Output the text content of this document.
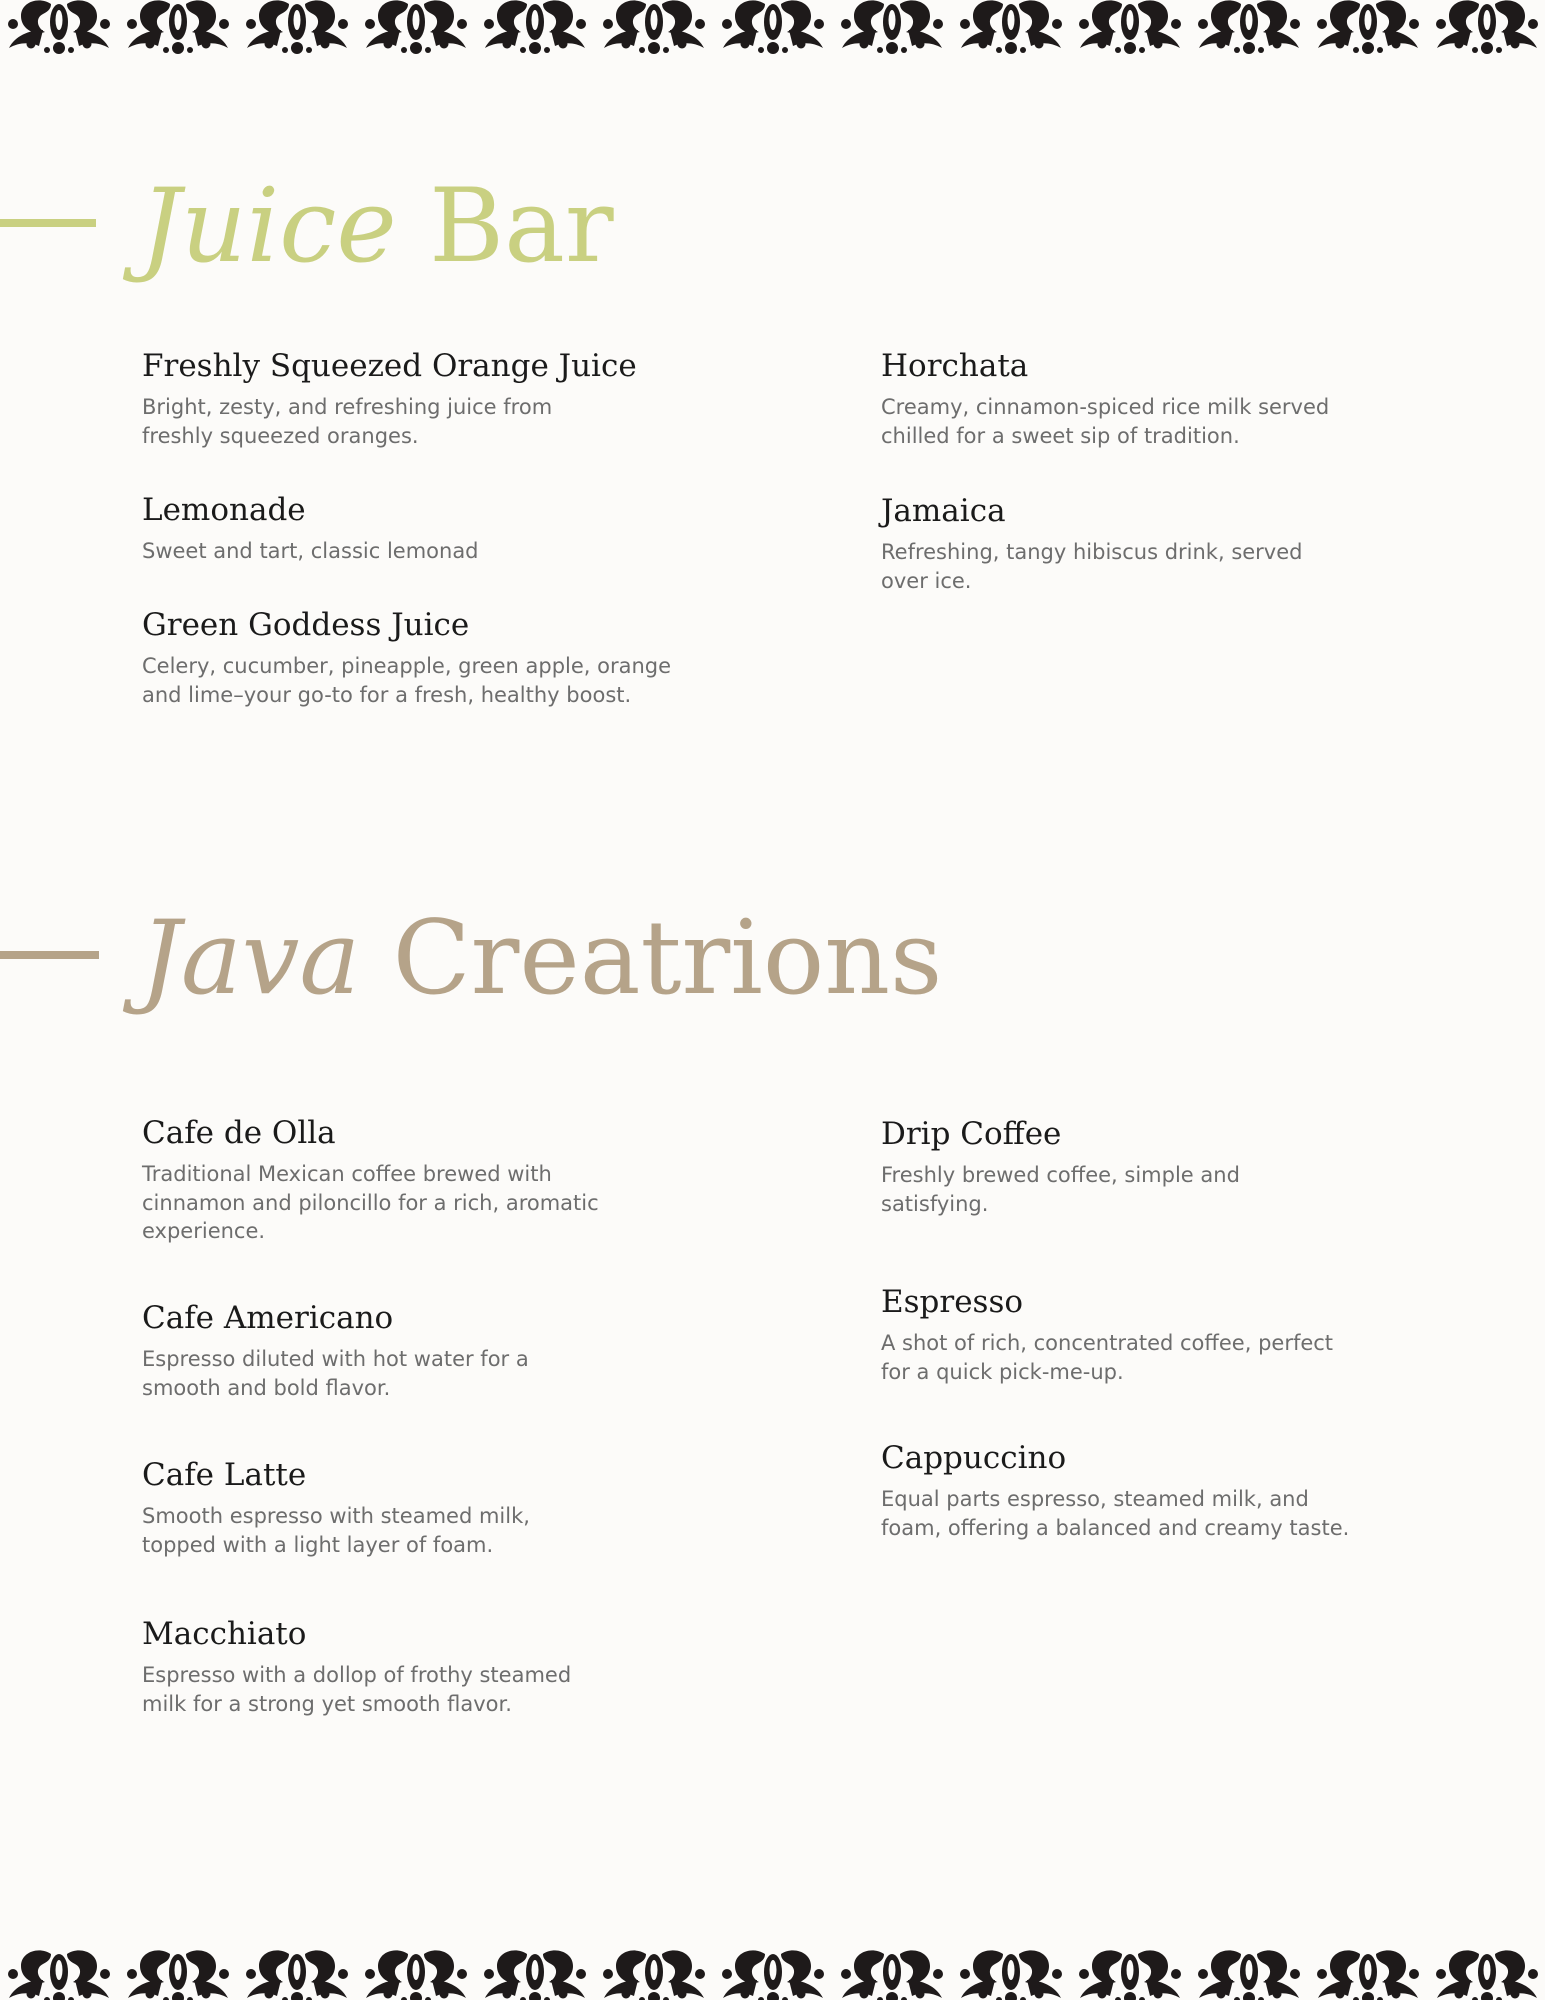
Juice Bar
Freshly Squeezed Orange Juice

Bright, zesty, and refreshing juice from freshly squeezed oranges.

Lemonade

Sweet and tart, classic lemonad

Green Goddess Juice

Celery, cucumber, pineapple, green apple, orange and lime–your go-to for a fresh, healthy boost.

Horchata

Creamy, cinnamon-spiced rice milk served chilled for a sweet sip of tradition.

Jamaica

Refreshing, tangy hibiscus drink, served over ice.

Java Creatrions
Cafe de Olla

Traditional Mexican coffee brewed with cinnamon and piloncillo for a rich, aromatic experience.

Cafe Americano

Espresso diluted with hot water for a smooth and bold flavor.

Cafe Latte

Smooth espresso with steamed milk, topped with a light layer of foam.

Macchiato

Espresso with a dollop of frothy steamed milk for a strong yet smooth flavor.

Drip Coffee

Freshly brewed coffee, simple and satisfying.

Espresso

A shot of rich, concentrated coffee, perfect for a quick pick-me-up.

Cappuccino

Equal parts espresso, steamed milk, and foam, offering a balanced and creamy taste.
